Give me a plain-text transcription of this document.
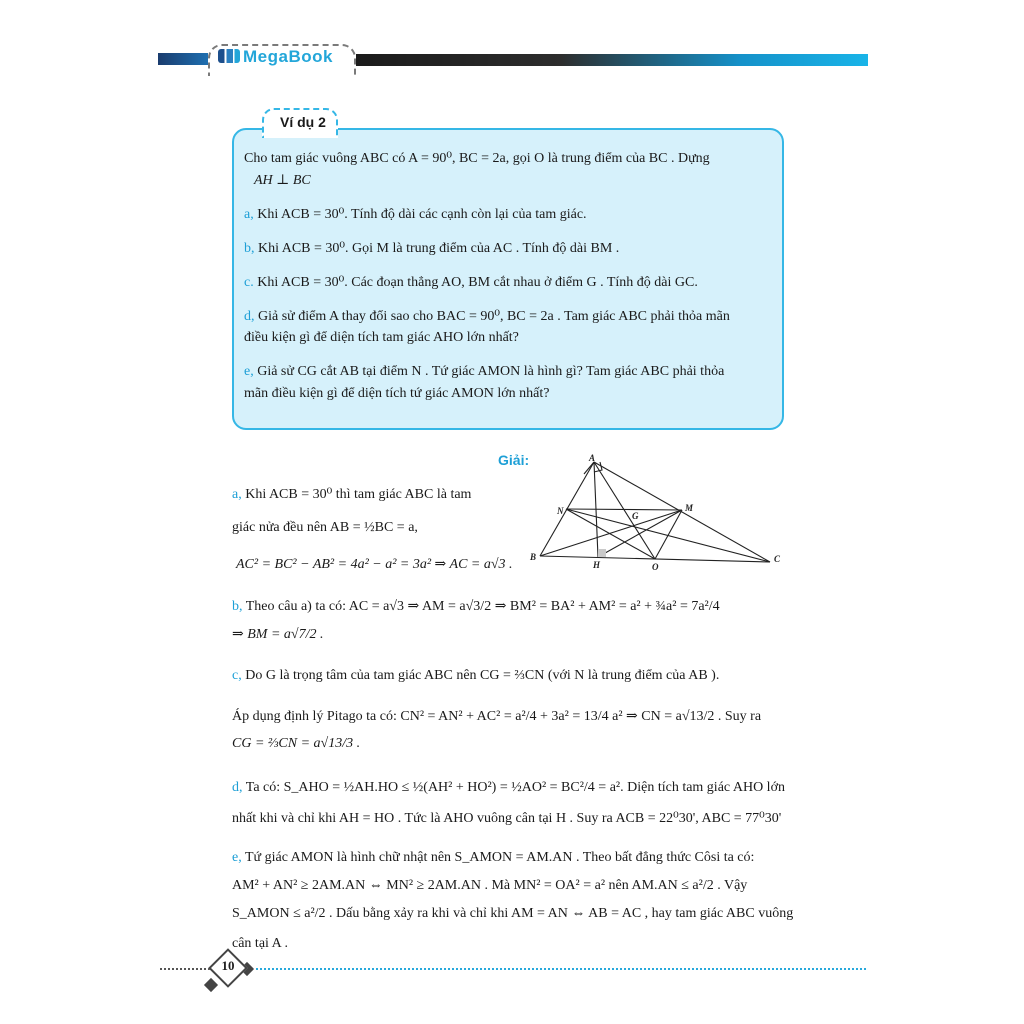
MegaBook
Ví dụ 2
Cho tam giác vuông ABC có A = 90⁰, BC = 2a, gọi O là trung điểm của BC . Dựng
AH ⊥ BC
a, Khi ACB = 30⁰. Tính độ dài các cạnh còn lại của tam giác.
b, Khi ACB = 30⁰. Gọi M là trung điểm của AC . Tính độ dài BM .
c. Khi ACB = 30⁰. Các đoạn thẳng AO, BM cắt nhau ở điểm G . Tính độ dài GC.
d, Giả sử điểm A thay đổi sao cho BAC = 90⁰, BC = 2a . Tam giác ABC phải thỏa mãn
điều kiện gì để diện tích tam giác AHO lớn nhất?
e, Giả sử CG cắt AB tại điểm N . Tứ giác AMON là hình gì? Tam giác ABC phải thỏa
mãn điều kiện gì để diện tích tứ giác AMON lớn nhất?
Giải:	A
B	C
M
N	G
H	O
a, Khi ACB = 30⁰ thì tam giác ABC là tam
giác nửa đều nên AB = ½BC = a,
AC² = BC² − AB² = 4a² − a² = 3a² ⇒ AC = a√3 .
b, Theo câu a) ta có: AC = a√3 ⇒ AM = a√3/2 ⇒ BM² = BA² + AM² = a² + ¾a² = 7a²/4
⇒ BM = a√7/2 .
c, Do G là trọng tâm của tam giác ABC nên CG = ⅔CN (với N là trung điểm của AB ).
Áp dụng định lý Pitago ta có: CN² = AN² + AC² = a²/4 + 3a² = 13/4 a² ⇒ CN = a√13/2 . Suy ra
CG = ⅔CN = a√13/3 .
d, Ta có: S_AHO = ½AH.HO ≤ ½(AH² + HO²) = ½AO² = BC²/4 = a². Diện tích tam giác AHO lớn
nhất khi và chỉ khi AH = HO . Tức là AHO vuông cân tại H . Suy ra ACB = 22⁰30', ABC = 77⁰30'
e, Tứ giác AMON là hình chữ nhật nên S_AMON = AM.AN . Theo bất đẳng thức Côsi ta có:
AM² + AN² ≥ 2AM.AN ⇔ MN² ≥ 2AM.AN . Mà MN² = OA² = a² nên AM.AN ≤ a²/2 . Vậy
S_AMON ≤ a²/2 . Dấu bằng xảy ra khi và chỉ khi AM = AN ⇔ AB = AC , hay tam giác ABC vuông
cân tại A .
10
